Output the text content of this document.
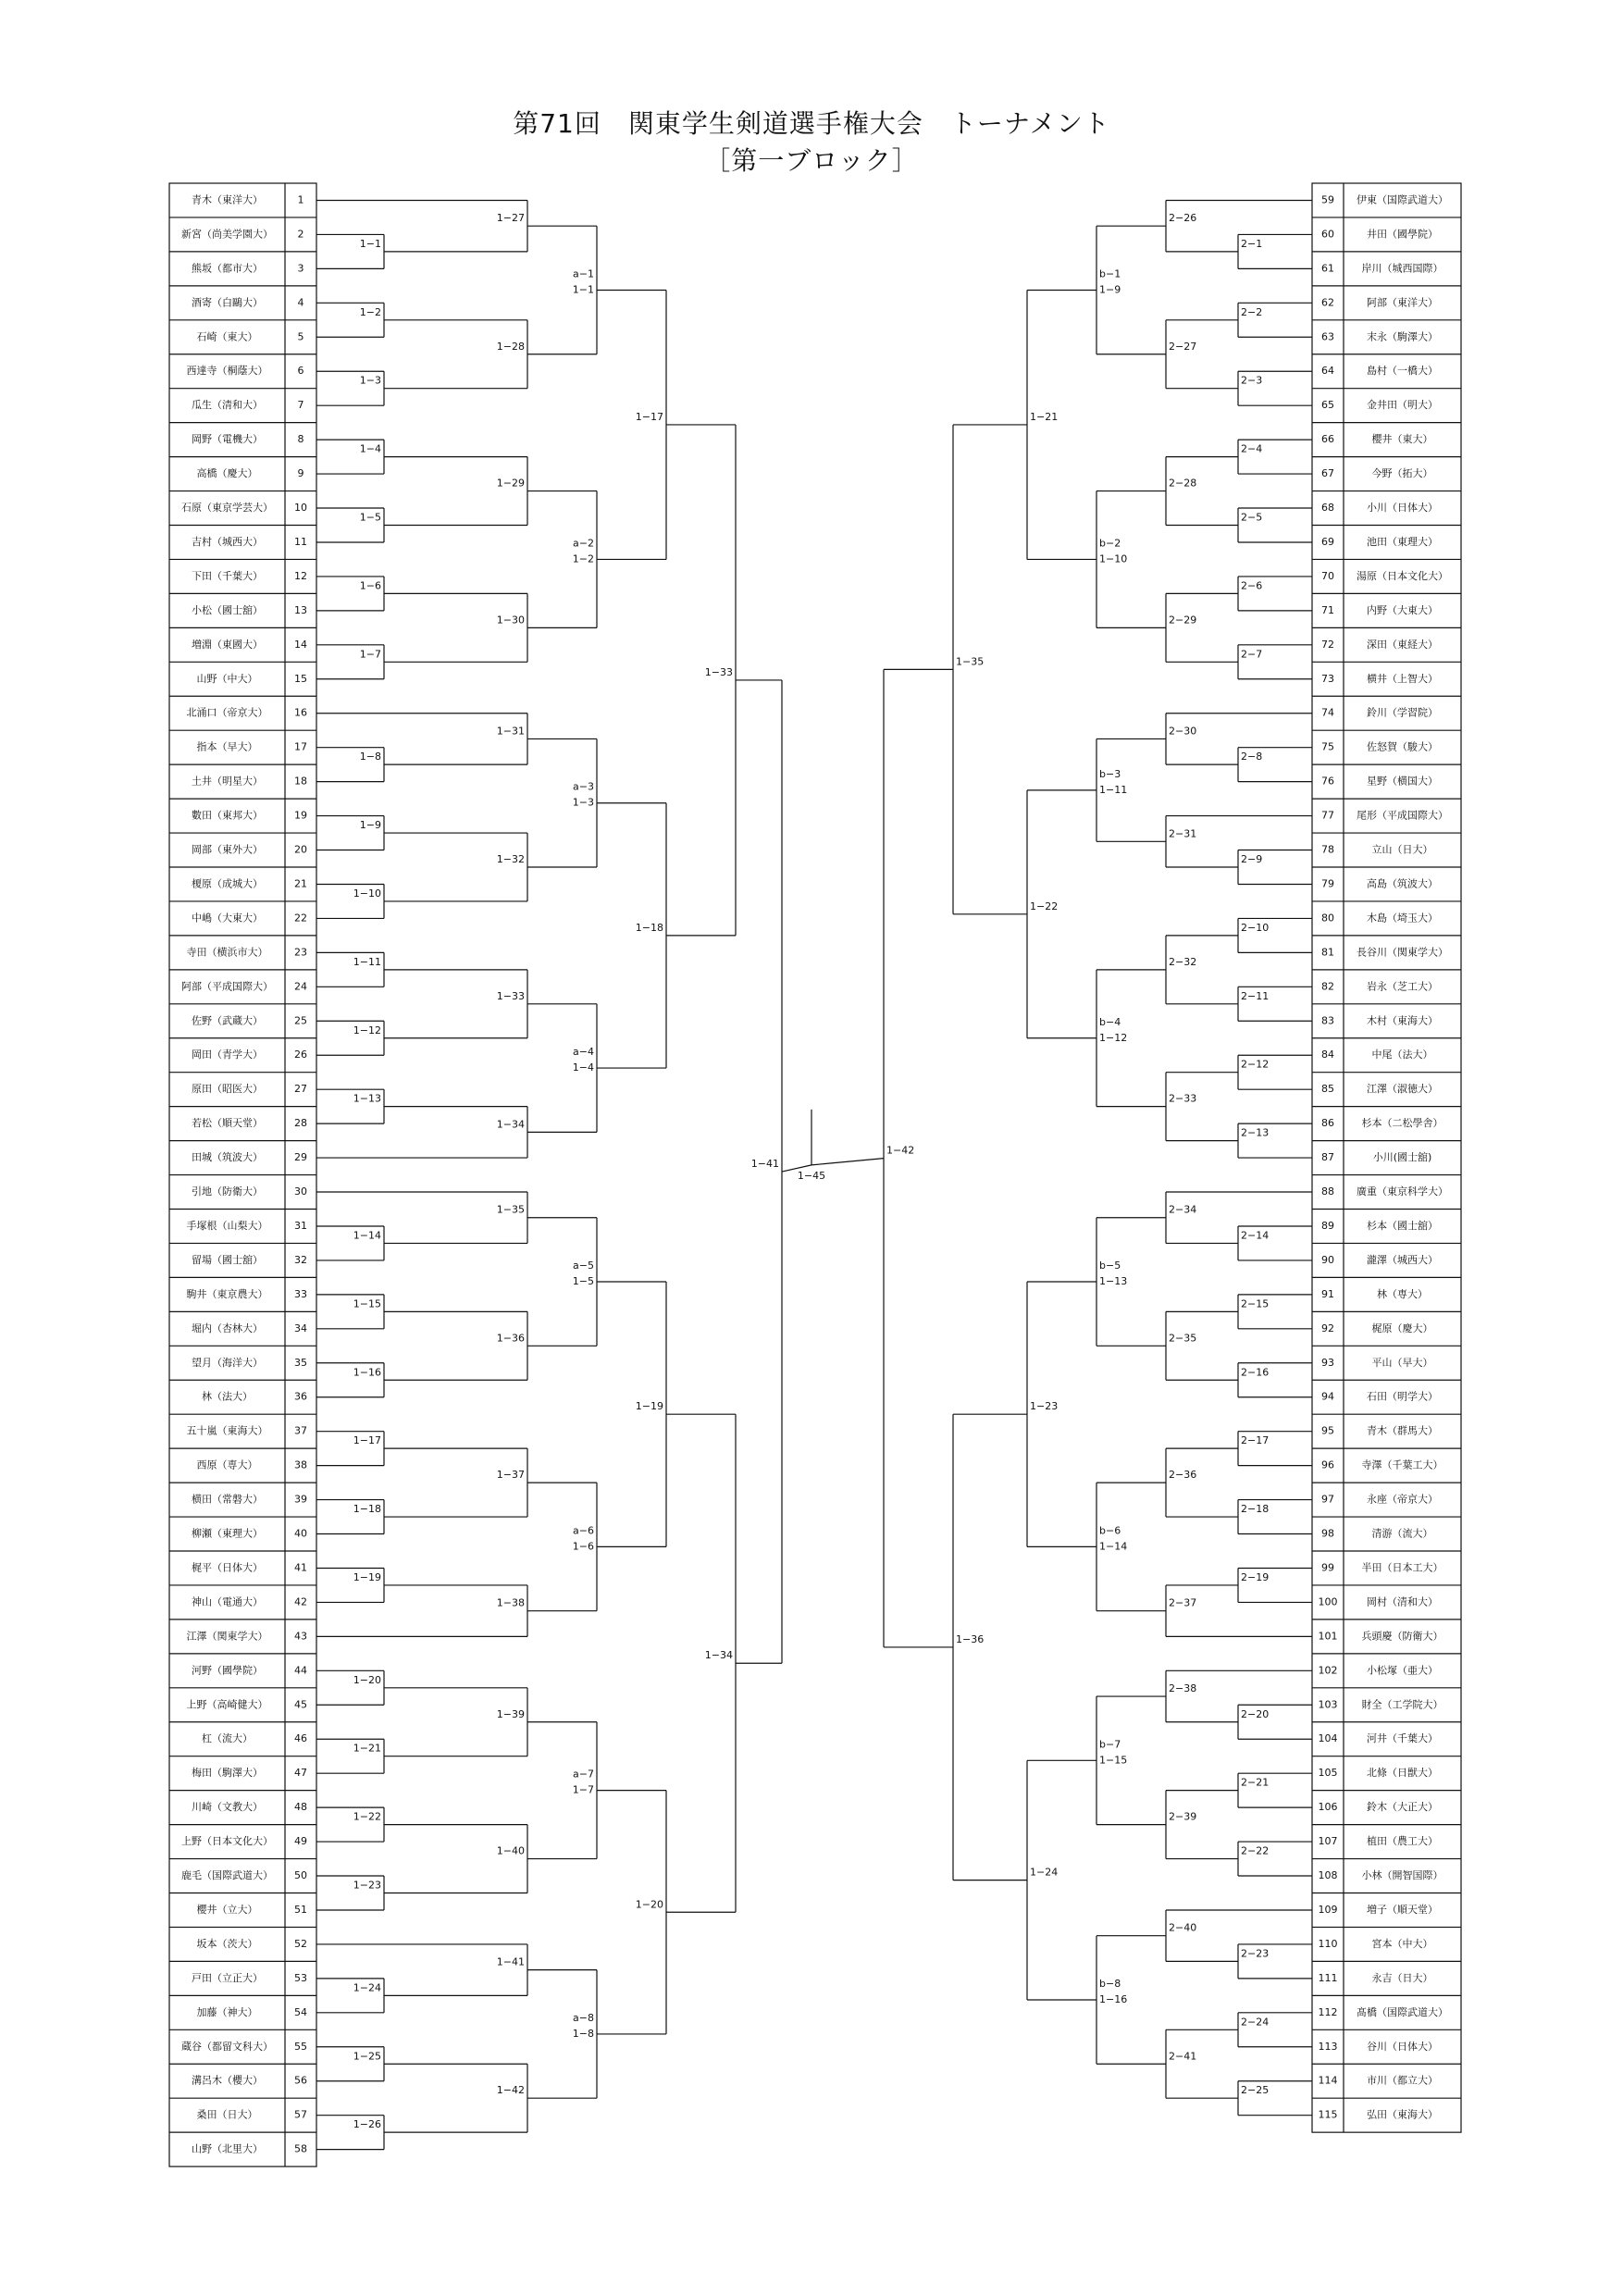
第71回　関東学生剣道選手権大会　トーナメント
［第一ブロック］
青木（東洋大）	1
新宮（尚美学園大） 2
熊坂（都市大）	3
酒寄（白鷗大）	4
石崎（東大）	5
西達寺（桐蔭大）	6
瓜生（清和大）	7
岡野（電機大）	8
高橋（慶大）	9
石原（東京学芸大） 10
吉村（城西大）	11
下田（千葉大）	12
小松（國士舘）	13
増淵（東國大）	14
山野（中大）	15
北涌口（帝京大）	16
指本（早大）	17
土井（明星大）	18
數田（東邦大）	19
岡部（東外大）	20
榎原（成城大）	21
中嶋（大東大）	22
寺田（横浜市大）	23
阿部（平成国際大） 24
佐野（武蔵大）	25
岡田（青学大）	26
原田（昭医大）	27
若松（順天堂）	28
田城（筑波大）	29
引地（防衛大）	30
手塚根（山梨大）	31
留場（國士舘）	32
駒井（東京農大）	33
堀内（杏林大）	34
望月（海洋大）	35
林（法大）	36
五十嵐（東海大）	37
西原（専大）	38
横田（常磐大）	39
柳瀬（東理大）	40
梶平（日体大）	41
神山（電通大）	42
江澤（関東学大）	43
河野（國學院）	44
上野（高崎健大）	45
杠（流大）	46
梅田（駒澤大）	47
川崎（文教大）	48
上野（日本文化大） 49
鹿毛（国際武道大） 50
櫻井（立大）	51
坂本（茨大）	52
戸田（立正大）	53
加藤（神大）	54
蔵谷（都留文科大） 55
溝呂木（櫻大）	56
桑田（日大）	57
山野（北里大）	58
59 伊東（国際武道大）
60	井田（國學院）
61	岸川（城西国際）
62	阿部（東洋大）
63	末永（駒澤大）
64	島村（一橋大）
65	金井田（明大）
66	櫻井（東大）
67	今野（拓大）
68	小川（日体大）
69	池田（東理大）
70 湯原（日本文化大）
71	内野（大東大）
72	深田（東経大）
73	横井（上智大）
74	鈴川（学習院）
75	佐怒賀（駿大）
76	星野（横国大）
77 尾形（平成国際大）
78	立山（日大）
79	高島（筑波大）
80	木島（埼玉大）
81 長谷川（関東学大）
82	岩永（芝工大）
83	木村（東海大）
84	中尾（法大）
85	江澤（淑徳大）
86	杉本（二松學舎）
87	小川(國士舘)
88 廣重（東京科学大）
89	杉本（國士舘）
90	瀧澤（城西大）
91	林（専大）
92	梶原（慶大）
93	平山（早大）
94	石田（明学大）
95	青木（群馬大）
96	寺澤（千葉工大）
97	永座（帝京大）
98	清游（流大）
99	半田（日本工大）
100	岡村（清和大）
101 兵頭慶（防衛大）
102	小松塚（亜大）
103 財全（工学院大）
104	河井（千葉大）
105	北條（日獣大）
106	鈴木（大正大）
107	植田（農工大）
108 小林（開智国際）
109	増子（順天堂）
110	宮本（中大）
111	永吉（日大）
112 髙橋（国際武道大）
113	谷川（日体大）
114	市川（都立大）
115	弘田（東海大）
1−1
1−2
1−3
1−4
1−5
1−6
1−7
1−8
1−9
1−10
1−11
1−12
1−13
1−14
1−15
1−16
1−17
1−18
1−19
1−20
1−21
1−22
1−23
1−24
1−25
1−26
1−27
1−28
1−29
1−30
1−31
1−32
1−33
1−34
1−35
1−36
1−37
1−38
1−39
1−40
1−41
1−42
a−1
1−1
a−2
1−2
a−3
1−3
a−4
1−4
a−5
1−5
a−6
1−6
a−7
1−7
a−8
1−8
1−17
1−18
1−19
1−20
1−33
1−34
1−41
2−1
2−2
2−3
2−4
2−5
2−6
2−7
2−8
2−9
2−10
2−11
2−12
2−13
2−14
2−15
2−16
2−17
2−18
2−19
2−20
2−21
2−22
2−23
2−24
2−25
2−26
2−27
2−28
2−29
2−30
2−31
2−32
2−33
2−34
2−35
2−36
2−37
2−38
2−39
2−40
2−41
b−1
1−9
b−2
1−10
b−3
1−11
b−4
1−12
b−5
1−13
b−6
1−14
b−7
1−15
b−8
1−16
1−21
1−22
1−23
1−24
1−35
1−36
1−42
1−45
